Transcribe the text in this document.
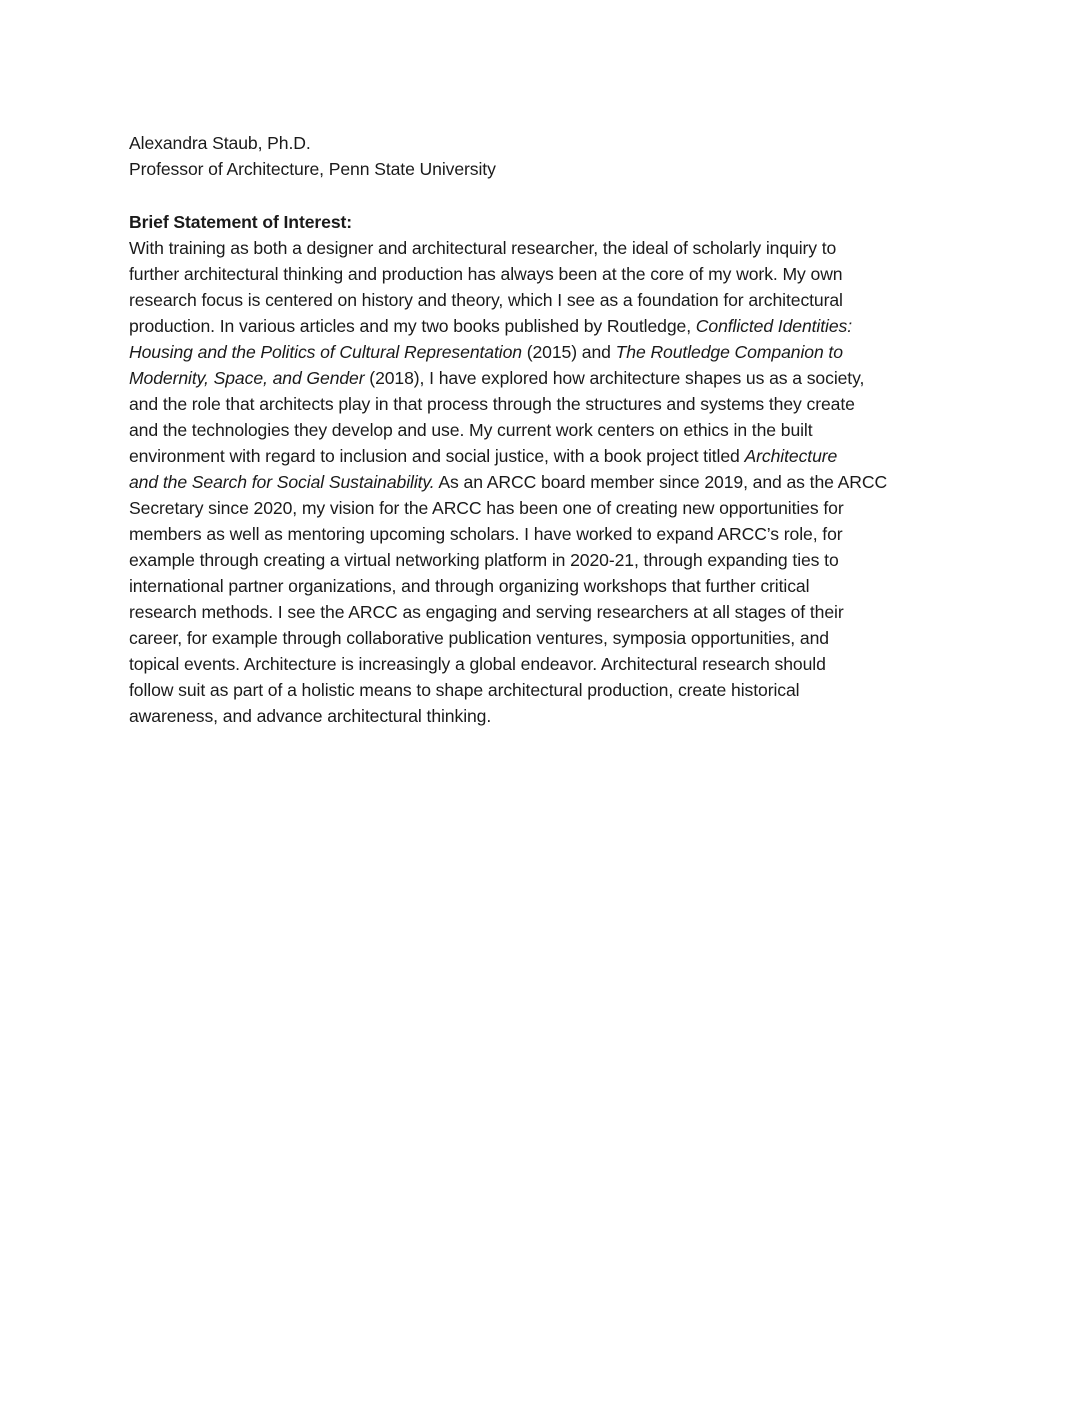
Alexandra Staub, Ph.D.
Professor of Architecture, Penn State University
Brief Statement of Interest:
With training as both a designer and architectural researcher, the ideal of scholarly inquiry to
further architectural thinking and production has always been at the core of my work. My own
research focus is centered on history and theory, which I see as a foundation for architectural
production. In various articles and my two books published by Routledge, Conflicted Identities:
Housing and the Politics of Cultural Representation (2015) and The Routledge Companion to
Modernity, Space, and Gender (2018), I have explored how architecture shapes us as a society,
and the role that architects play in that process through the structures and systems they create
and the technologies they develop and use. My current work centers on ethics in the built
environment with regard to inclusion and social justice, with a book project titled Architecture
and the Search for Social Sustainability. As an ARCC board member since 2019, and as the ARCC
Secretary since 2020, my vision for the ARCC has been one of creating new opportunities for
members as well as mentoring upcoming scholars. I have worked to expand ARCC’s role, for
example through creating a virtual networking platform in 2020-21, through expanding ties to
international partner organizations, and through organizing workshops that further critical
research methods. I see the ARCC as engaging and serving researchers at all stages of their
career, for example through collaborative publication ventures, symposia opportunities, and
topical events. Architecture is increasingly a global endeavor. Architectural research should
follow suit as part of a holistic means to shape architectural production, create historical
awareness, and advance architectural thinking.
